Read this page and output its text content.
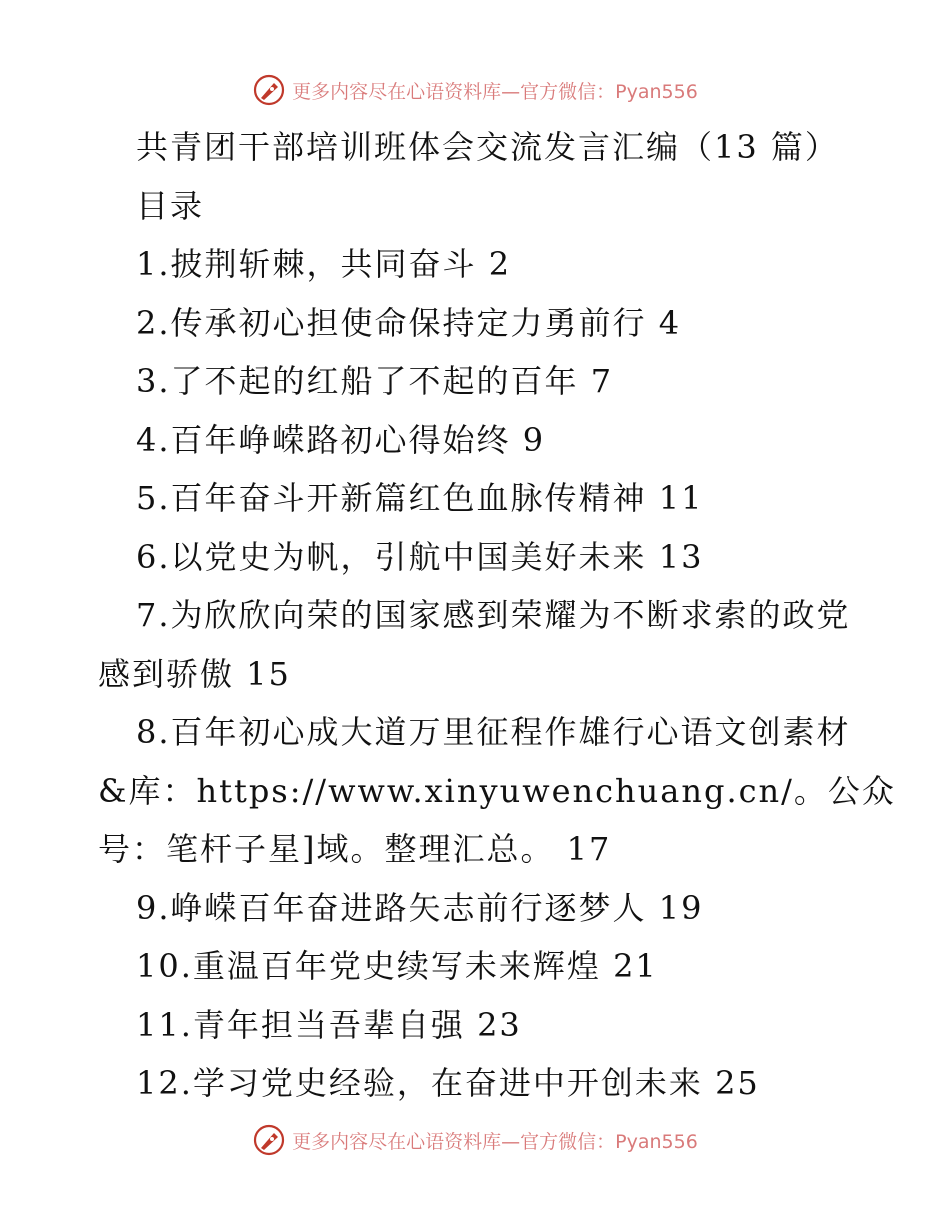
更多内容尽在心语资料库—官方微信：Pyan556

共青团干部培训班体会交流发言汇编（13 篇）

目录

1.披荆斩棘，共同奋斗 2

2.传承初心担使命保持定力勇前行 4

3.了不起的红船了不起的百年 7

4.百年峥嵘路初心得始终 9

5.百年奋斗开新篇红色血脉传精神 11

6.以党史为帆，引航中国美好未来 13

7.为欣欣向荣的国家感到荣耀为不断求索的政党

感到骄傲 15

8.百年初心成大道万里征程作雄行心语文创素材

&库：https://www.xinyuwenchuang.cn/。公众

号：笔杆子星]域。整理汇总。 17

9.峥嵘百年奋进路矢志前行逐梦人 19

10.重温百年党史续写未来辉煌 21

11.青年担当吾辈自强 23

12.学习党史经验，在奋进中开创未来 25

更多内容尽在心语资料库—官方微信：Pyan556
